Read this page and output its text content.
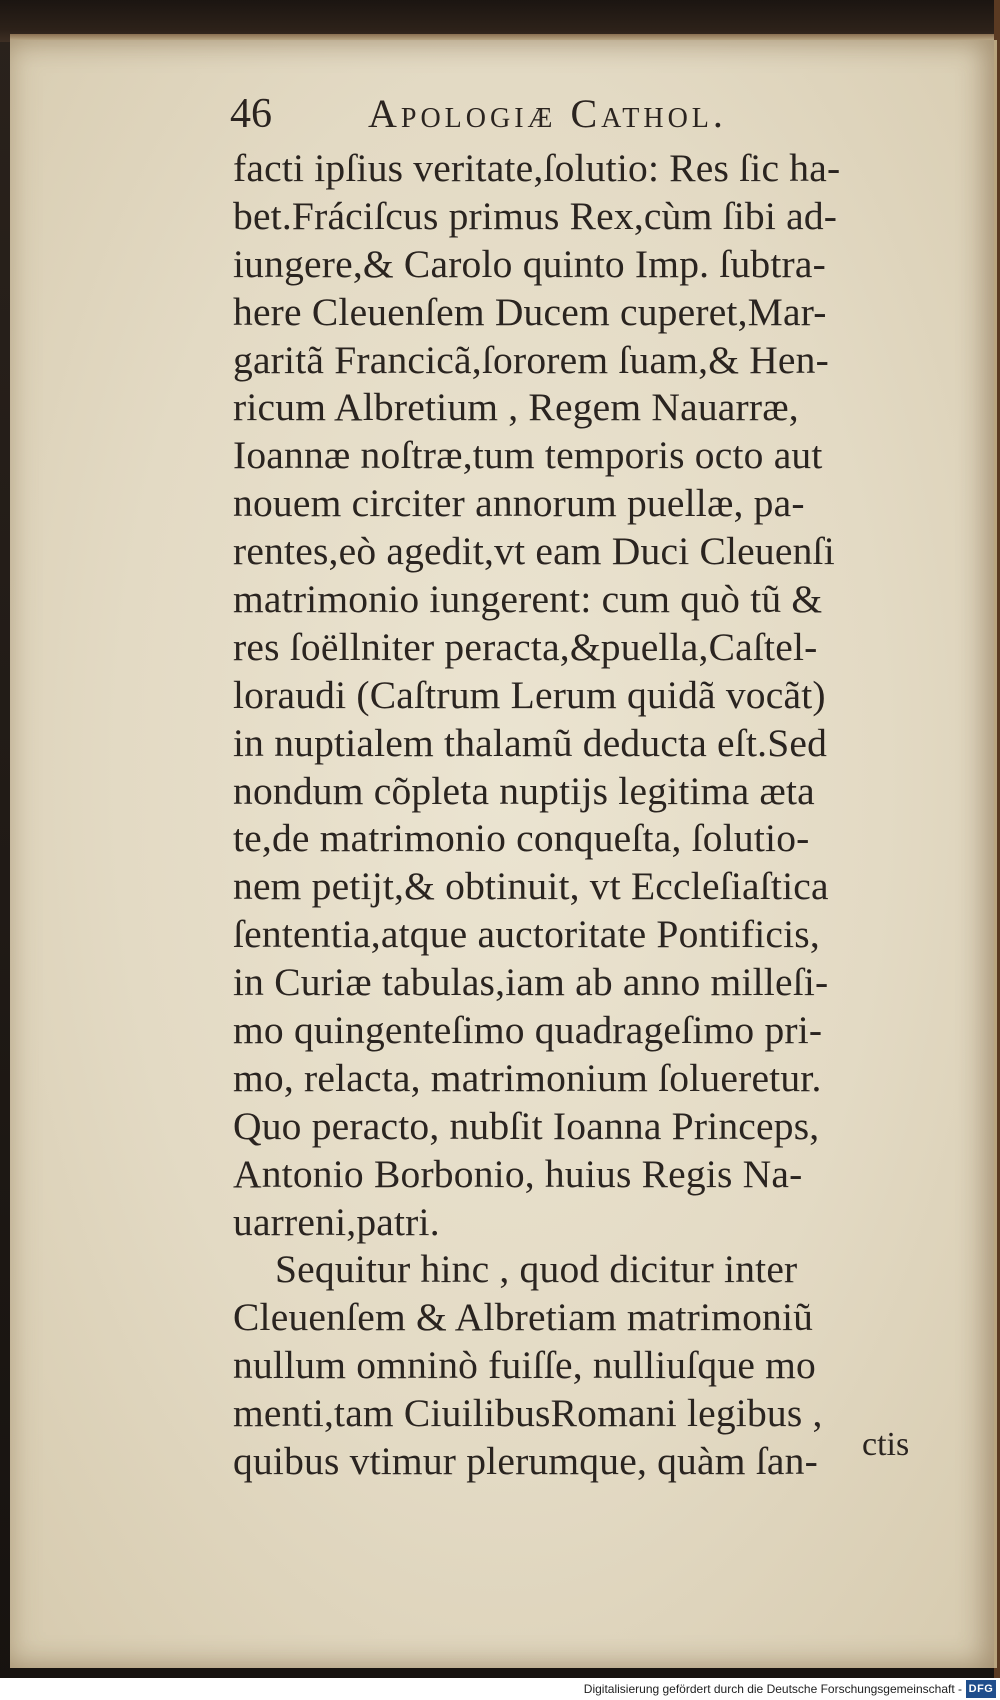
46 Apologiæ Cathol.
facti ipſius veritate,ſolutio: Res ſic ha-
bet.Fráciſcus primus Rex,cùm ſibi ad-
iungere,& Carolo quinto Imp. ſubtra-
here Cleuenſem Ducem cuperet,Mar-
garitã Francicã,ſororem ſuam,& Hen-
ricum Albretium , Regem Nauarræ,
Ioannæ noſtræ,tum temporis octo aut
nouem circiter annorum puellæ, pa-
rentes,eò agedit,vt eam Duci Cleuenſi
matrimonio iungerent: cum quò tũ &
res ſoëllniter peracta,&puella,Caſtel-
loraudi (Caſtrum Lerum quidã vocãt)
in nuptialem thalamũ deducta eſt.Sed
nondum cõpleta nuptijs legitima æta
te,de matrimonio conqueſta, ſolutio-
nem petijt,& obtinuit, vt Eccleſiaſtica
ſententia,atque auctoritate Pontificis,
in Curiæ tabulas,iam ab anno milleſi-
mo quingenteſimo quadrageſimo pri-
mo, relacta, matrimonium ſolueretur.
Quo peracto, nubſit Ioanna Princeps,
Antonio Borbonio, huius Regis Na-
uarreni,patri.
Sequitur hinc , quod dicitur inter
Cleuenſem & Albretiam matrimoniũ
nullum omninò fuiſſe, nulliuſque mo
menti,tam CiuilibusRomani legibus ,
quibus vtimur plerumque, quàm ſan-	ctis
Digitalisierung gefördert durch die Deutsche Forschungsgemeinschaft - DFG
